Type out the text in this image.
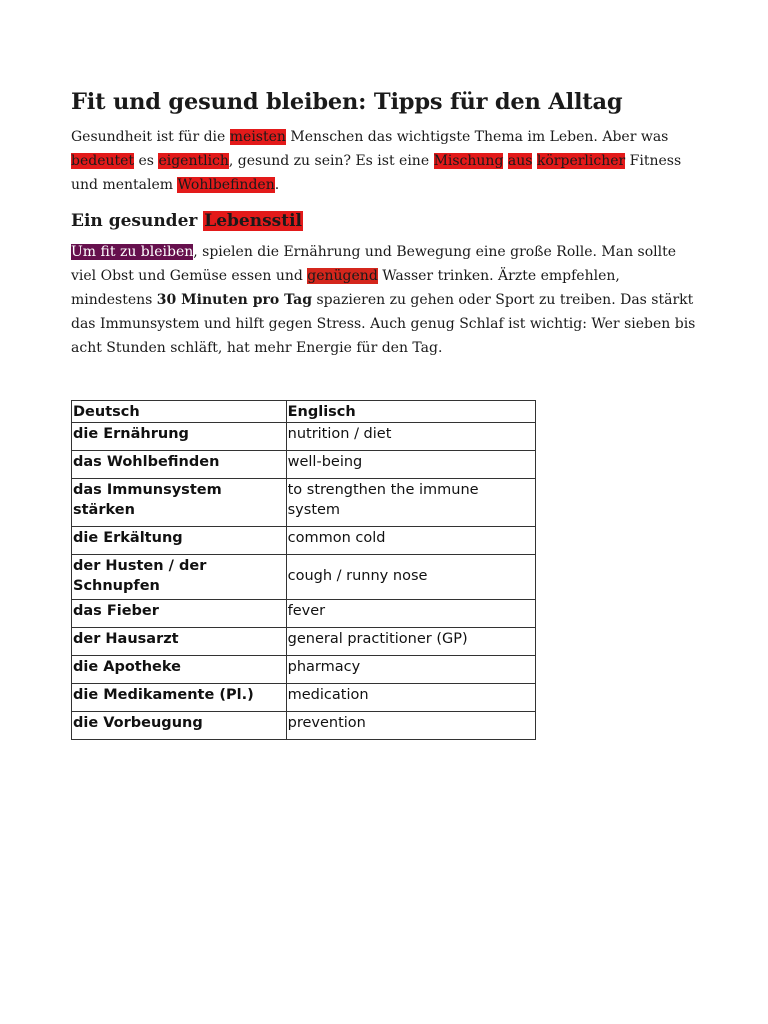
Fit und gesund bleiben: Tipps für den Alltag

Gesundheit ist für die meisten Menschen das wichtigste Thema im Leben. Aber was bedeutet es eigentlich, gesund zu sein? Es ist eine Mischung aus körperlicher Fitness und mentalem Wohlbefinden.

Ein gesunder Lebensstil

Um fit zu bleiben, spielen die Ernährung und Bewegung eine große Rolle. Man sollte viel Obst und Gemüse essen und genügend Wasser trinken. Ärzte empfehlen, mindestens 30 Minuten pro Tag spazieren zu gehen oder Sport zu treiben. Das stärkt das Immunsystem und hilft gegen Stress. Auch genug Schlaf ist wichtig: Wer sieben bis acht Stunden schläft, hat mehr Energie für den Tag.

Deutsch	Englisch
die Ernährung	nutrition / diet
das Wohlbefinden	well-being
das Immunsystem stärken	to strengthen the immune system
die Erkältung	common cold
der Husten / der Schnupfen	cough / runny nose
das Fieber	fever
der Hausarzt	general practitioner (GP)
die Apotheke	pharmacy
die Medikamente (Pl.)	medication
die Vorbeugung	prevention
